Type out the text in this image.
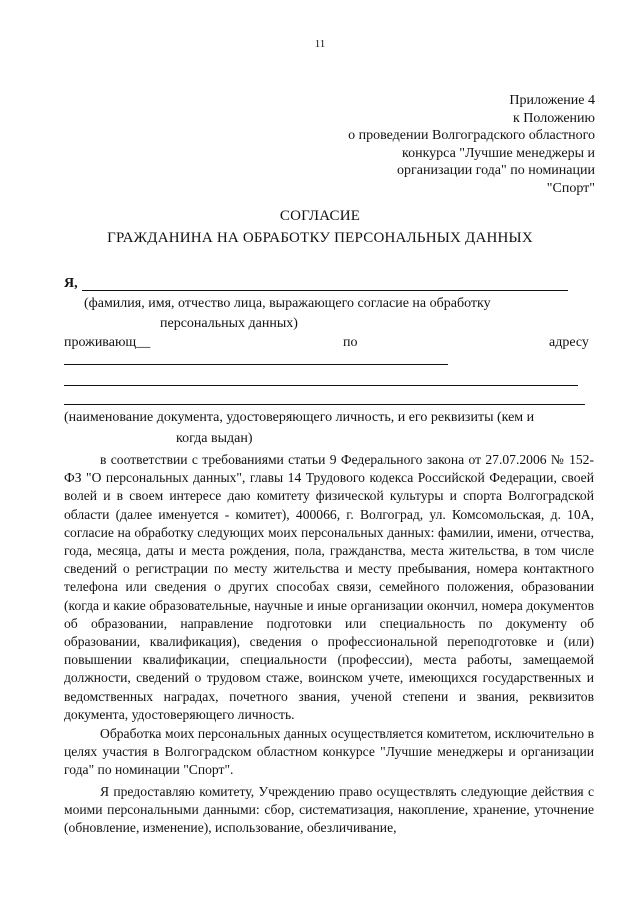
11
Приложение 4
к Положению
о проведении Волгоградского областного
конкурса "Лучшие менеджеры и
организации года" по номинации
"Спорт"
СОГЛАСИЕ
ГРАЖДАНИНА НА ОБРАБОТКУ ПЕРСОНАЛЬНЫХ ДАННЫХ
Я,
(фамилия, имя, отчество лица, выражающего согласие на обработку
персональных данных)
проживающ__	по	адресу
(наименование документа, удостоверяющего личность, и его реквизиты (кем и
когда выдан)

в соответствии с требованиями статьи 9 Федерального закона от 27.07.2006 № 152-ФЗ "О персональных данных", главы 14 Трудового кодекса Российской Федерации, своей волей и в своем интересе даю комитету физической культуры и спорта Волгоградской области (далее именуется - комитет), 400066, г. Волгоград, ул. Комсомольская, д. 10А, согласие на обработку следующих моих персональных данных: фамилии, имени, отчества, года, месяца, даты и места рождения, пола, гражданства, места жительства, в том числе сведений о регистрации по месту жительства и месту пребывания, номера контактного телефона или сведения о других способах связи, семейного положения, образовании (когда и какие образовательные, научные и иные организации окончил, номера документов об образовании, направление подготовки или специальность по документу об образовании, квалификация), сведения о профессиональной переподготовке и (или) повышении квалификации, специальности (профессии), места работы, замещаемой должности, сведений о трудовом стаже, воинском учете, имеющихся государственных и ведомственных наградах, почетного звания, ученой степени и звания, реквизитов документа, удостоверяющего личность.

Обработка моих персональных данных осуществляется комитетом, исключительно в целях участия в Волгоградском областном конкурсе "Лучшие менеджеры и организации года" по номинации "Спорт".

Я предоставляю комитету, Учреждению право осуществлять следующие действия с моими персональными данными: сбор, систематизация, накопление, хранение, уточнение (обновление, изменение), использование, обезличивание,
